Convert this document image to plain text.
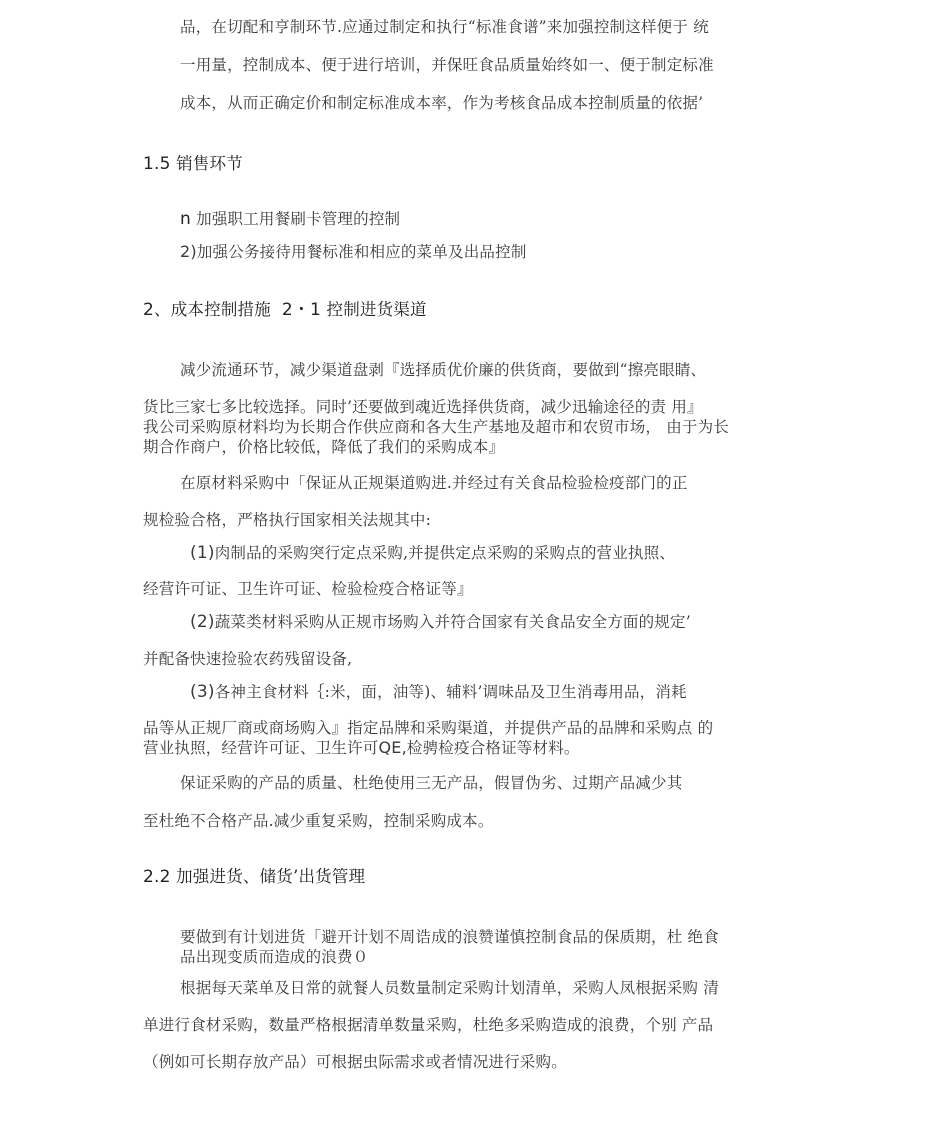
品，在切配和亨制环节.应通过制定和执行“标准食谱”来加强控制这样便于 统
一用量，控制成本、便于进行培训，并保旺食品质量始终如一、便于制定标准
成本，从而正确定价和制定标准成本率，作为考核食品成本控制质量的依据’
1.5 销售环节
n 加强职工用餐刷卡管理的控制
2)加强公务接待用餐标准和相应的菜单及出品控制
2、成本控制措施 2・1 控制进货渠道
减少流通环节，减少渠道盘剥『选择质优价廉的供货商，要做到“擦亮眼睛、
货比三家七多比较选择。同时’还要做到魂近选择供货商，减少迅输途径的责 用』
我公司采购原材料均为长期合作供应商和各大生产基地及超市和农贸市场， 由于为长
期合作商户，价格比较低，降低了我们的采购成本』
在原材料采购中「保证从正规渠道购进.并经过有关食品检验检疫部门的正
规检验合格，严格执行国家相关法规其中:
(1)肉制品的采购突行定点采购,并提供定点采购的采购点的营业执照、
经营许可证、卫生许可证、检验检疫合格证等』
(2)蔬菜类材料采购从正规市场购入并符合国家有关食品安全方面的规定’
并配备快速捡验农药残留设备,
(3)各神主食材料｛:米，面，油等)、辅料’调味品及卫生消毒用品，消耗
品等从正规厂商或商场购入』指定品牌和采购渠道，并提供产品的品牌和采购点 的
营业执照，经营许可证、卫生许可QE,检骋检疫合格证等材料。
保证采购的产品的质量、杜绝使用三无产品，假冒伪劣、过期产品减少其
至杜绝不合格产品.减少重复采购，控制采购成本。
2.2 加强进货、储货’出货管理
要做到有计划进货「避开计划不周诰成的浪赞谨慎控制食品的保质期，杜 绝食
品出现变质而造成的浪费０
根据每天菜单及日常的就餐人员数量制定采购计划清单，采购人凤根据采购 清
单进行食材采购，数量严格根据清单数量采购，杜绝多采购造成的浪费，个别 产品
（例如可长期存放产品）可根据虫际需求或者情况进行采购。
